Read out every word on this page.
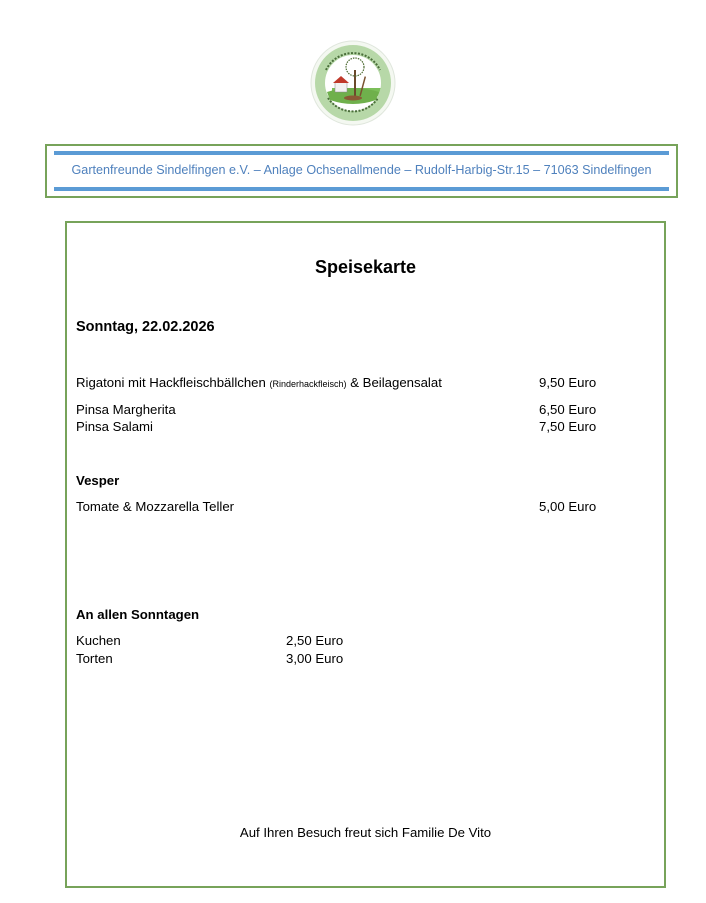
Gartenfreunde Sindelfingen e.V. – Anlage Ochsenallmende – Rudolf-Harbig-Str.15 – 71063 Sindelfingen
Speisekarte
Sonntag, 22.02.2026
Rigatoni mit Hackfleischbällchen (Rinderhackfleisch) & Beilagensalat	9,50 Euro
Pinsa Margherita	6,50 Euro
Pinsa Salami	7,50 Euro
Vesper
Tomate & Mozzarella Teller	5,00 Euro
An allen Sonntagen
Kuchen	2,50 Euro
Torten	3,00 Euro
Auf Ihren Besuch freut sich Familie De Vito
